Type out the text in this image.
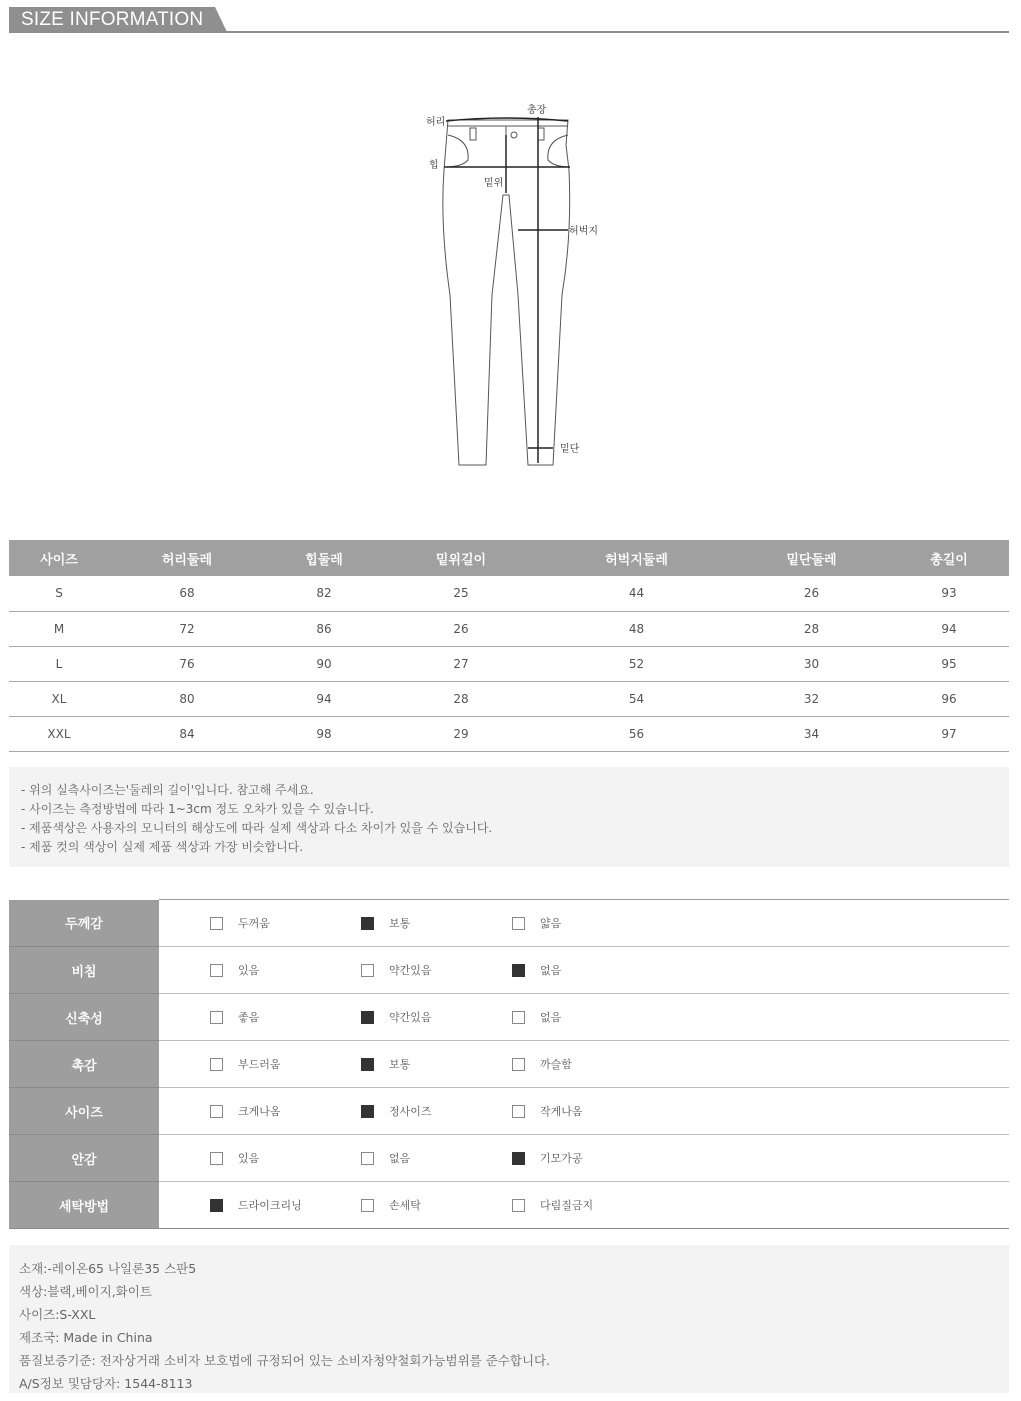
SIZE INFORMATION
총장
허리
힙
밑위
허벅지
밑단
사이즈	허리둘레	힙둘레	밑위길이	허벅지둘레	밑단둘레	총길이
S	68	82	25	44	26	93
M	72	86	26	48	28	94
L	76	90	27	52	30	95
XL	80	94	28	54	32	96
XXL	84	98	29	56	34	97

- 위의 실측사이즈는'둘레의 길이'입니다. 참고해 주세요.

- 사이즈는 측정방법에 따라 1~3cm 정도 오차가 있을 수 있습니다.

- 제품색상은 사용자의 모니터의 해상도에 따라 실제 색상과 다소 차이가 있을 수 있습니다.

- 제품 컷의 색상이 실제 제품 색상과 가장 비슷합니다.

두께감	두꺼움 보통 얇음

비침	있음 약간있음 없음

신축성	좋음 약간있음 없음

촉감	부드러움 보통 까슬함

사이즈	크게나옴 정사이즈 작게나옴

안감	있음 없음 기모가공

세탁방법	드라이크리닝 손세탁 다림질금지

소재:-레이온65 나일론35 스판5

색상:블랙,베이지,화이트

사이즈:S-XXL

제조국: Made in China

품질보증기준: 전자상거래 소비자 보호법에 규정되어 있는 소비자청약철회가능범위를 준수합니다.

A/S정보 및담당자: 1544-8113
